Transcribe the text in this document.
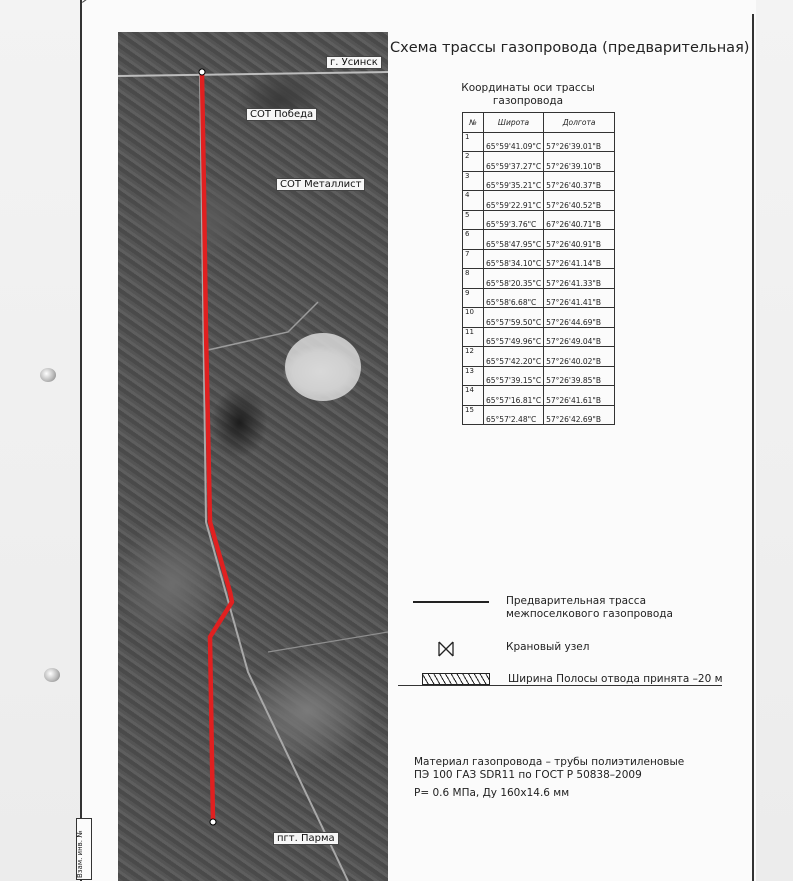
Взам. инв. №
г. Усинск
СОТ Победа
СОТ Металлист
пгт. Парма
Схема трассы газопровода (предварительная)
Координаты оси трассы
газопровода
№	Широта	Долгота
1	65°59'41.09"С	57°26'39.01"В
2	65°59'37.27"С	57°26'39.10"В
3	65°59'35.21"С	57°26'40.37"В
4	65°59'22.91"С	57°26'40.52"В
5	65°59'3.76"С	67°26'40.71"В
6	65°58'47.95"С	57°26'40.91"В
7	65°58'34.10"С	57°26'41.14"В
8	65°58'20.35"С	57°26'41.33"В
9	65°58'6.68"С	57°26'41.41"В
10	65°57'59.50"С	57°26'44.69"В
11	65°57'49.96"С	57°26'49.04"В
12	65°57'42.20"С	57°26'40.02"В
13	65°57'39.15"С	57°26'39.85"В
14	65°57'16.81"С	57°26'41.61"В
15	65°57'2.48"С	57°26'42.69"В
Предварительная трасса
межпоселкового газопровода
Крановый узел
Ширина Полосы отвода принята –20 м
Материал газопровода – трубы полиэтиленовые
ПЭ 100 ГАЗ SDR11 по ГОСТ Р 50838–2009
Р= 0.6 МПа, Ду 160x14.6 мм
